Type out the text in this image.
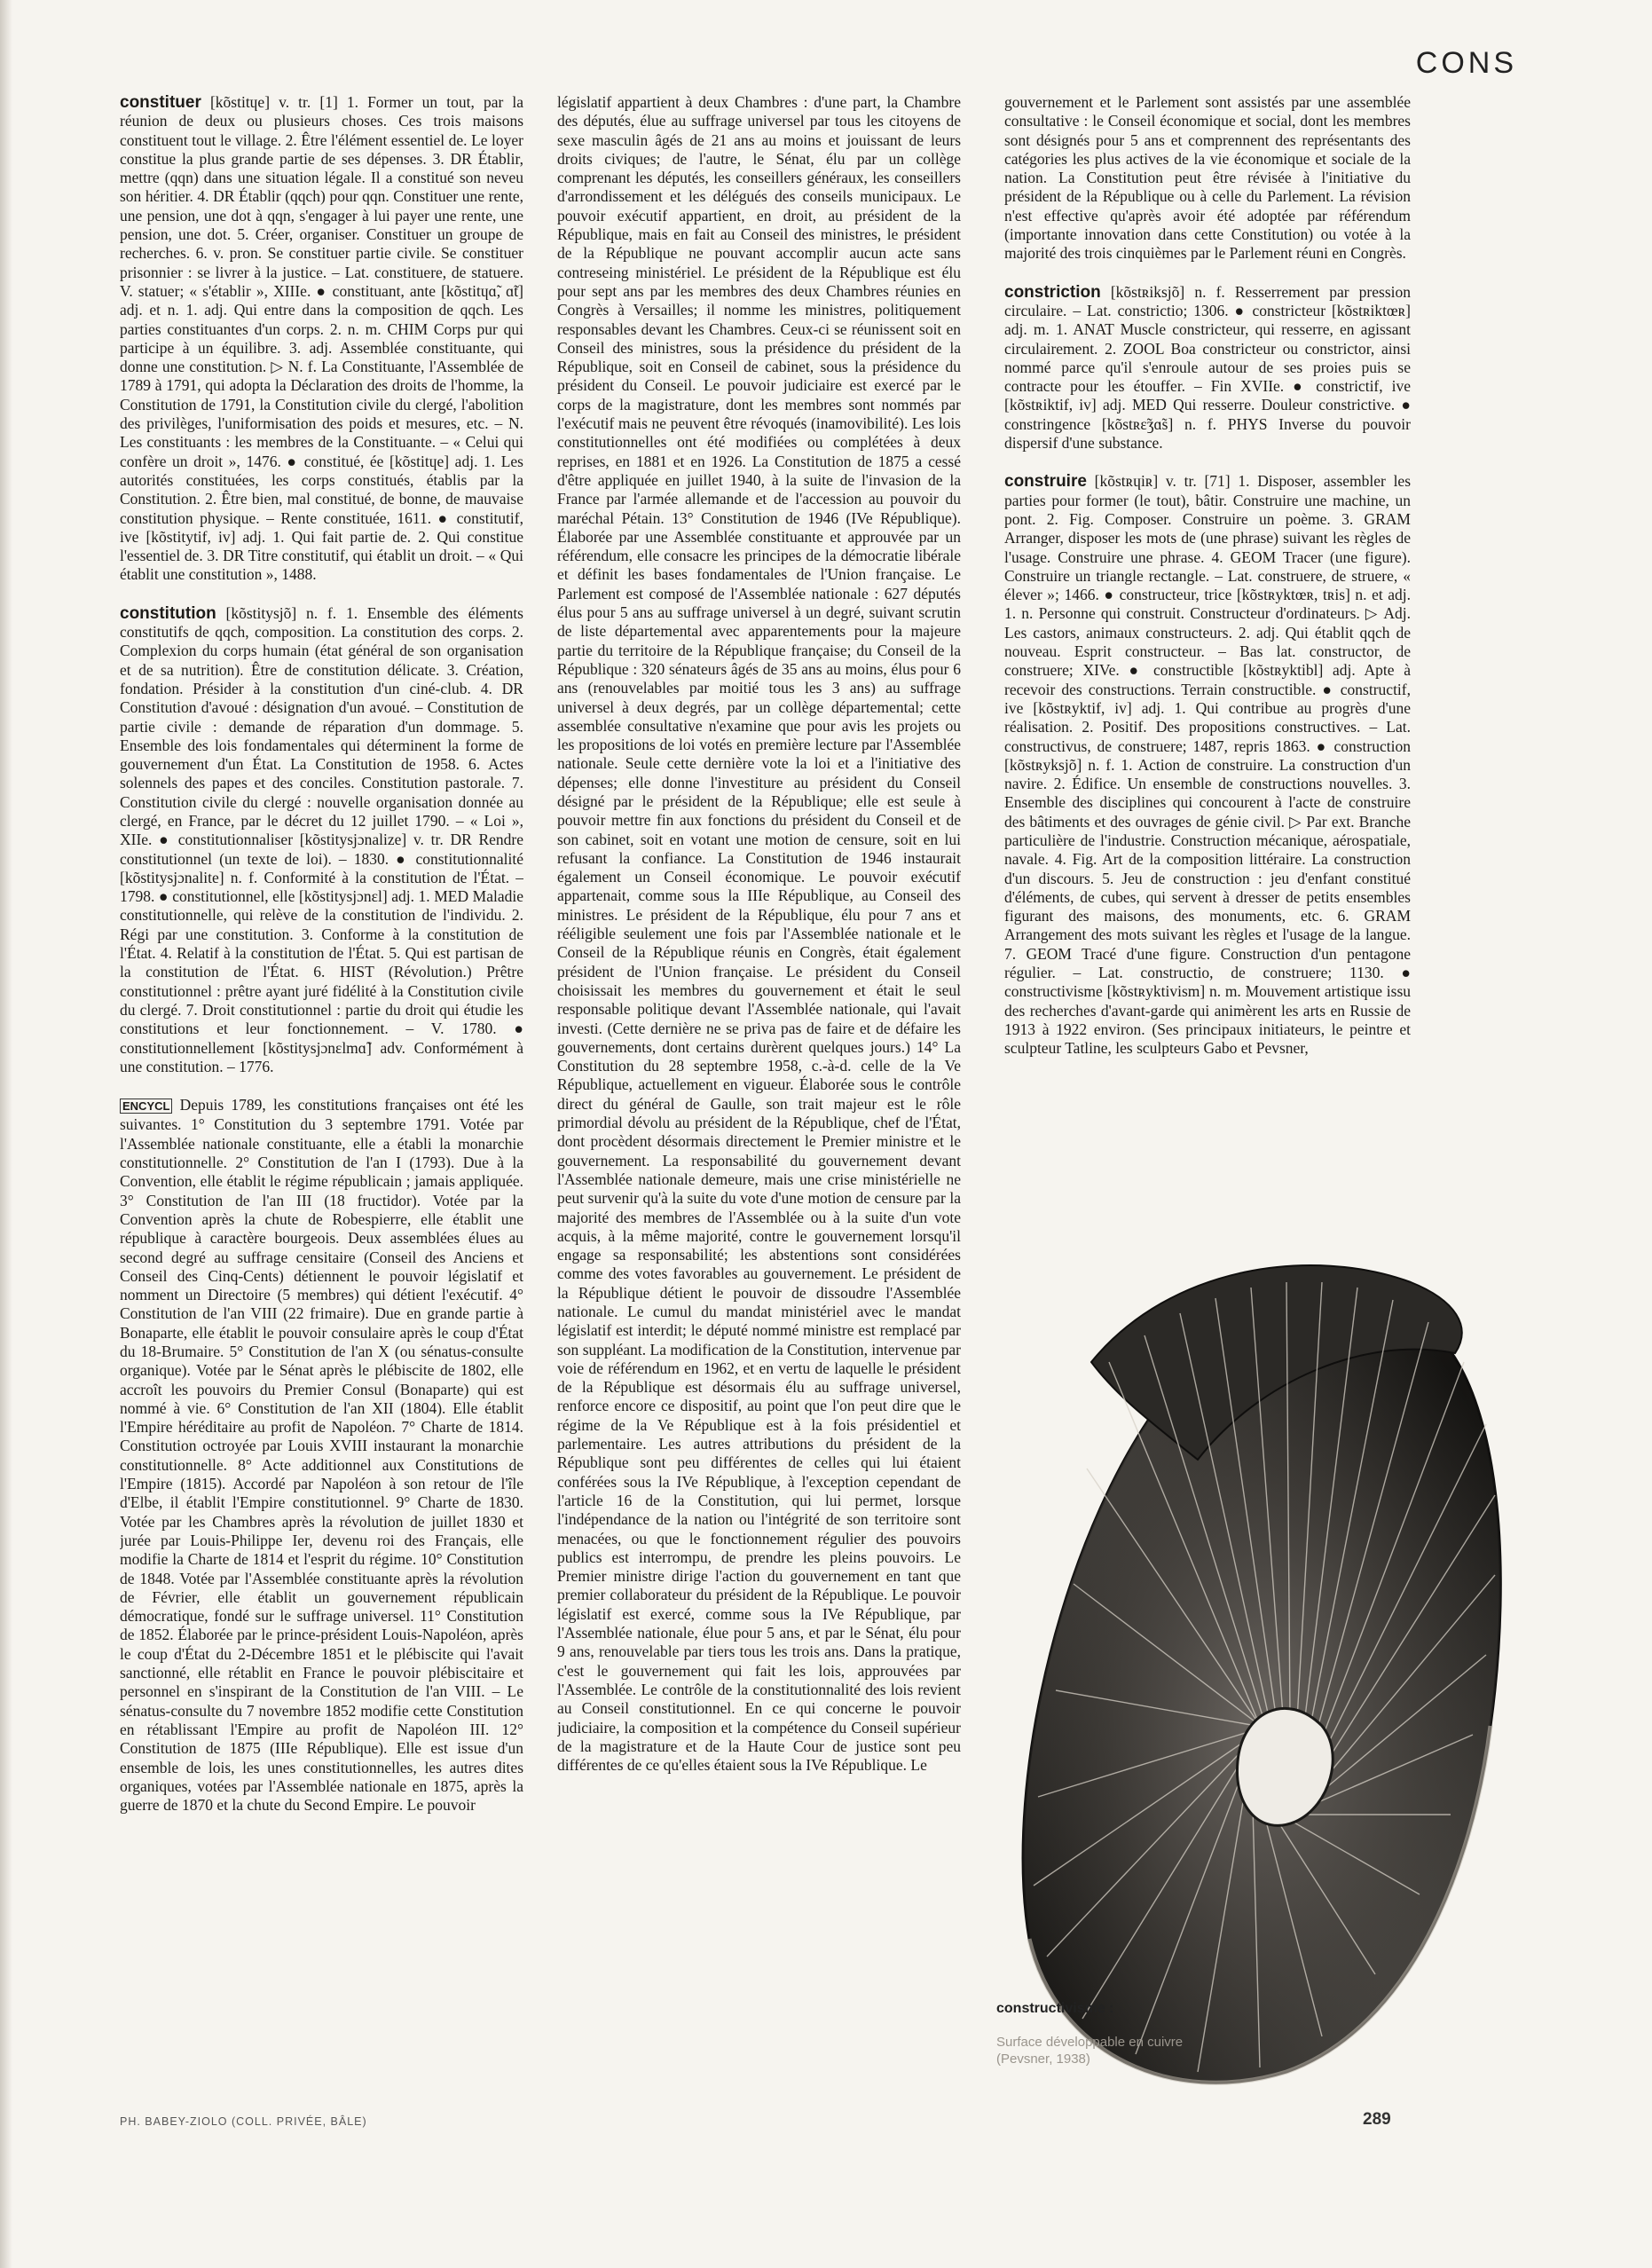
CONS

constituer [kõstitɥe] v. tr. [1] 1. Former un tout, par la réunion de deux ou plusieurs choses. Ces trois maisons constituent tout le village. 2. Être l'élément essentiel de. Le loyer constitue la plus grande partie de ses dépenses. 3. DR Établir, mettre (qqn) dans une situation légale. Il a constitué son neveu son héritier. 4. DR Établir (qqch) pour qqn. Constituer une rente, une pension, une dot à qqn, s'engager à lui payer une rente, une pension, une dot. 5. Créer, organiser. Constituer un groupe de recherches. 6. v. pron. Se constituer partie civile. Se constituer prisonnier : se livrer à la justice. – Lat. constituere, de statuere. V. statuer; « s'établir », XIIIe. ● constituant, ante [kõstitɥɑ̃, ɑ̃t] adj. et n. 1. adj. Qui entre dans la composition de qqch. Les parties constituantes d'un corps. 2. n. m. CHIM Corps pur qui participe à un équilibre. 3. adj. Assemblée constituante, qui donne une constitution. ▷ N. f. La Constituante, l'Assemblée de 1789 à 1791, qui adopta la Déclaration des droits de l'homme, la Constitution de 1791, la Constitution civile du clergé, l'abolition des privilèges, l'uniformisation des poids et mesures, etc. – N. Les constituants : les membres de la Constituante. – « Celui qui confère un droit », 1476. ● constitué, ée [kõstitɥe] adj. 1. Les autorités constituées, les corps constitués, établis par la Constitution. 2. Être bien, mal constitué, de bonne, de mauvaise constitution physique. – Rente constituée, 1611. ● constitutif, ive [kõstitytif, iv] adj. 1. Qui fait partie de. 2. Qui constitue l'essentiel de. 3. DR Titre constitutif, qui établit un droit. – « Qui établit une constitution », 1488.

constitution [kõstitysjõ] n. f. 1. Ensemble des éléments constitutifs de qqch, composition. La constitution des corps. 2. Complexion du corps humain (état général de son organisation et de sa nutrition). Être de constitution délicate. 3. Création, fondation. Présider à la constitution d'un ciné-club. 4. DR Constitution d'avoué : désignation d'un avoué. – Constitution de partie civile : demande de réparation d'un dommage. 5. Ensemble des lois fondamentales qui déterminent la forme de gouvernement d'un État. La Constitution de 1958. 6. Actes solennels des papes et des conciles. Constitution pastorale. 7. Constitution civile du clergé : nouvelle organisation donnée au clergé, en France, par le décret du 12 juillet 1790. – « Loi », XIIe. ● constitutionnaliser [kõstitysjɔnalize] v. tr. DR Rendre constitutionnel (un texte de loi). – 1830. ● constitutionnalité [kõstitysjɔnalite] n. f. Conformité à la constitution de l'État. – 1798. ● constitutionnel, elle [kõstitysjɔnɛl] adj. 1. MED Maladie constitutionnelle, qui relève de la constitution de l'individu. 2. Régi par une constitution. 3. Conforme à la constitution de l'État. 4. Relatif à la constitution de l'État. 5. Qui est partisan de la constitution de l'État. 6. HIST (Révolution.) Prêtre constitutionnel : prêtre ayant juré fidélité à la Constitution civile du clergé. 7. Droit constitutionnel : partie du droit qui étudie les constitutions et leur fonctionnement. – V. 1780. ● constitutionnellement [kõstitysjɔnɛlmɑ̃] adv. Conformément à une constitution. – 1776.

ENCYCL Depuis 1789, les constitutions françaises ont été les suivantes. 1° Constitution du 3 septembre 1791. Votée par l'Assemblée nationale constituante, elle a établi la monarchie constitutionnelle. 2° Constitution de l'an I (1793). Due à la Convention, elle établit le régime républicain ; jamais appliquée. 3° Constitution de l'an III (18 fructidor). Votée par la Convention après la chute de Robespierre, elle établit une république à caractère bourgeois. Deux assemblées élues au second degré au suffrage censitaire (Conseil des Anciens et Conseil des Cinq-Cents) détiennent le pouvoir législatif et nomment un Directoire (5 membres) qui détient l'exécutif. 4° Constitution de l'an VIII (22 frimaire). Due en grande partie à Bonaparte, elle établit le pouvoir consulaire après le coup d'État du 18-Brumaire. 5° Constitution de l'an X (ou sénatus-consulte organique). Votée par le Sénat après le plébiscite de 1802, elle accroît les pouvoirs du Premier Consul (Bonaparte) qui est nommé à vie. 6° Constitution de l'an XII (1804). Elle établit l'Empire héréditaire au profit de Napoléon. 7° Charte de 1814. Constitution octroyée par Louis XVIII instaurant la monarchie constitutionnelle. 8° Acte additionnel aux Constitutions de l'Empire (1815). Accordé par Napoléon à son retour de l'île d'Elbe, il établit l'Empire constitutionnel. 9° Charte de 1830. Votée par les Chambres après la révolution de juillet 1830 et jurée par Louis-Philippe Ier, devenu roi des Français, elle modifie la Charte de 1814 et l'esprit du régime. 10° Constitution de 1848. Votée par l'Assemblée constituante après la révolution de Février, elle établit un gouvernement républicain démocratique, fondé sur le suffrage universel. 11° Constitution de 1852. Élaborée par le prince-président Louis-Napoléon, après le coup d'État du 2-Décembre 1851 et le plébiscite qui l'avait sanctionné, elle rétablit en France le pouvoir plébiscitaire et personnel en s'inspirant de la Constitution de l'an VIII. – Le sénatus-consulte du 7 novembre 1852 modifie cette Constitution en rétablissant l'Empire au profit de Napoléon III. 12° Constitution de 1875 (IIIe République). Elle est issue d'un ensemble de lois, les unes constitutionnelles, les autres dites organiques, votées par l'Assemblée nationale en 1875, après la guerre de 1870 et la chute du Second Empire. Le pouvoir

législatif appartient à deux Chambres : d'une part, la Chambre des députés, élue au suffrage universel par tous les citoyens de sexe masculin âgés de 21 ans au moins et jouissant de leurs droits civiques; de l'autre, le Sénat, élu par un collège comprenant les députés, les conseillers généraux, les conseillers d'arrondissement et les délégués des conseils municipaux. Le pouvoir exécutif appartient, en droit, au président de la République, mais en fait au Conseil des ministres, le président de la République ne pouvant accomplir aucun acte sans contreseing ministériel. Le président de la République est élu pour sept ans par les membres des deux Chambres réunies en Congrès à Versailles; il nomme les ministres, politiquement responsables devant les Chambres. Ceux-ci se réunissent soit en Conseil des ministres, sous la présidence du président de la République, soit en Conseil de cabinet, sous la présidence du président du Conseil. Le pouvoir judiciaire est exercé par le corps de la magistrature, dont les membres sont nommés par l'exécutif mais ne peuvent être révoqués (inamovibilité). Les lois constitutionnelles ont été modifiées ou complétées à deux reprises, en 1881 et en 1926. La Constitution de 1875 a cessé d'être appliquée en juillet 1940, à la suite de l'invasion de la France par l'armée allemande et de l'accession au pouvoir du maréchal Pétain. 13° Constitution de 1946 (IVe République). Élaborée par une Assemblée constituante et approuvée par un référendum, elle consacre les principes de la démocratie libérale et définit les bases fondamentales de l'Union française. Le Parlement est composé de l'Assemblée nationale : 627 députés élus pour 5 ans au suffrage universel à un degré, suivant scrutin de liste départemental avec apparentements pour la majeure partie du territoire de la République française; du Conseil de la République : 320 sénateurs âgés de 35 ans au moins, élus pour 6 ans (renouvelables par moitié tous les 3 ans) au suffrage universel à deux degrés, par un collège départemental; cette assemblée consultative n'examine que pour avis les projets ou les propositions de loi votés en première lecture par l'Assemblée nationale. Seule cette dernière vote la loi et a l'initiative des dépenses; elle donne l'investiture au président du Conseil désigné par le président de la République; elle est seule à pouvoir mettre fin aux fonctions du président du Conseil et de son cabinet, soit en votant une motion de censure, soit en lui refusant la confiance. La Constitution de 1946 instaurait également un Conseil économique. Le pouvoir exécutif appartenait, comme sous la IIIe République, au Conseil des ministres. Le président de la République, élu pour 7 ans et rééligible seulement une fois par l'Assemblée nationale et le Conseil de la République réunis en Congrès, était également président de l'Union française. Le président du Conseil choisissait les membres du gouvernement et était le seul responsable politique devant l'Assemblée nationale, qui l'avait investi. (Cette dernière ne se priva pas de faire et de défaire les gouvernements, dont certains durèrent quelques jours.) 14° La Constitution du 28 septembre 1958, c.-à-d. celle de la Ve République, actuellement en vigueur. Élaborée sous le contrôle direct du général de Gaulle, son trait majeur est le rôle primordial dévolu au président de la République, chef de l'État, dont procèdent désormais directement le Premier ministre et le gouvernement. La responsabilité du gouvernement devant l'Assemblée nationale demeure, mais une crise ministérielle ne peut survenir qu'à la suite du vote d'une motion de censure par la majorité des membres de l'Assemblée ou à la suite d'un vote acquis, à la même majorité, contre le gouvernement lorsqu'il engage sa responsabilité; les abstentions sont considérées comme des votes favorables au gouvernement. Le président de la République détient le pouvoir de dissoudre l'Assemblée nationale. Le cumul du mandat ministériel avec le mandat législatif est interdit; le député nommé ministre est remplacé par son suppléant. La modification de la Constitution, intervenue par voie de référendum en 1962, et en vertu de laquelle le président de la République est désormais élu au suffrage universel, renforce encore ce dispositif, au point que l'on peut dire que le régime de la Ve République est à la fois présidentiel et parlementaire. Les autres attributions du président de la République sont peu différentes de celles qui lui étaient conférées sous la IVe République, à l'exception cependant de l'article 16 de la Constitution, qui lui permet, lorsque l'indépendance de la nation ou l'intégrité de son territoire sont menacées, ou que le fonctionnement régulier des pouvoirs publics est interrompu, de prendre les pleins pouvoirs. Le Premier ministre dirige l'action du gouvernement en tant que premier collaborateur du président de la République. Le pouvoir législatif est exercé, comme sous la IVe République, par l'Assemblée nationale, élue pour 5 ans, et par le Sénat, élu pour 9 ans, renouvelable par tiers tous les trois ans. Dans la pratique, c'est le gouvernement qui fait les lois, approuvées par l'Assemblée. Le contrôle de la constitutionnalité des lois revient au Conseil constitutionnel. En ce qui concerne le pouvoir judiciaire, la composition et la compétence du Conseil supérieur de la magistrature et de la Haute Cour de justice sont peu différentes de ce qu'elles étaient sous la IVe République. Le

gouvernement et le Parlement sont assistés par une assemblée consultative : le Conseil économique et social, dont les membres sont désignés pour 5 ans et comprennent des représentants des catégories les plus actives de la vie économique et sociale de la nation. La Constitution peut être révisée à l'initiative du président de la République ou à celle du Parlement. La révision n'est effective qu'après avoir été adoptée par référendum (importante innovation dans cette Constitution) ou votée à la majorité des trois cinquièmes par le Parlement réuni en Congrès.

constriction [kõstʀiksjõ] n. f. Resserrement par pression circulaire. – Lat. constrictio; 1306. ● constricteur [kõstʀiktœʀ] adj. m. 1. ANAT Muscle constricteur, qui resserre, en agissant circulairement. 2. ZOOL Boa constricteur ou constrictor, ainsi nommé parce qu'il s'enroule autour de ses proies puis se contracte pour les étouffer. – Fin XVIIe. ● constrictif, ive [kõstʀiktif, iv] adj. MED Qui resserre. Douleur constrictive. ● constringence [kõstʀɛ̃ʒɑ̃s] n. f. PHYS Inverse du pouvoir dispersif d'une substance.

construire [kõstʀɥiʀ] v. tr. [71] 1. Disposer, assembler les parties pour former (le tout), bâtir. Construire une machine, un pont. 2. Fig. Composer. Construire un poème. 3. GRAM Arranger, disposer les mots de (une phrase) suivant les règles de l'usage. Construire une phrase. 4. GEOM Tracer (une figure). Construire un triangle rectangle. – Lat. construere, de struere, « élever »; 1466. ● constructeur, trice [kõstʀyktœʀ, tʀis] n. et adj. 1. n. Personne qui construit. Constructeur d'ordinateurs. ▷ Adj. Les castors, animaux constructeurs. 2. adj. Qui établit qqch de nouveau. Esprit constructeur. – Bas lat. constructor, de construere; XIVe. ● constructible [kõstʀyktibl] adj. Apte à recevoir des constructions. Terrain constructible. ● constructif, ive [kõstʀyktif, iv] adj. 1. Qui contribue au progrès d'une réalisation. 2. Positif. Des propositions constructives. – Lat. constructivus, de construere; 1487, repris 1863. ● construction [kõstʀyksjõ] n. f. 1. Action de construire. La construction d'un navire. 2. Édifice. Un ensemble de constructions nouvelles. 3. Ensemble des disciplines qui concourent à l'acte de construire des bâtiments et des ouvrages de génie civil. ▷ Par ext. Branche particulière de l'industrie. Construction mécanique, aérospatiale, navale. 4. Fig. Art de la composition littéraire. La construction d'un discours. 5. Jeu de construction : jeu d'enfant constitué d'éléments, de cubes, qui servent à dresser de petits ensembles figurant des maisons, des monuments, etc. 6. GRAM Arrangement des mots suivant les règles et l'usage de la langue. 7. GEOM Tracé d'une figure. Construction d'un pentagone régulier. – Lat. constructio, de construere; 1130. ● constructivisme [kõstʀyktivism] n. m. Mouvement artistique issu des recherches d'avant-garde qui animèrent les arts en Russie de 1913 à 1922 environ. (Ses principaux initiateurs, le peintre et sculpteur Tatline, les sculpteurs Gabo et Pevsner,

constructivisme :
Surface développable en cuivre (Pevsner, 1938)
PH. BABEY-ZIOLO (COLL. PRIVÉE, BÂLE)	289
